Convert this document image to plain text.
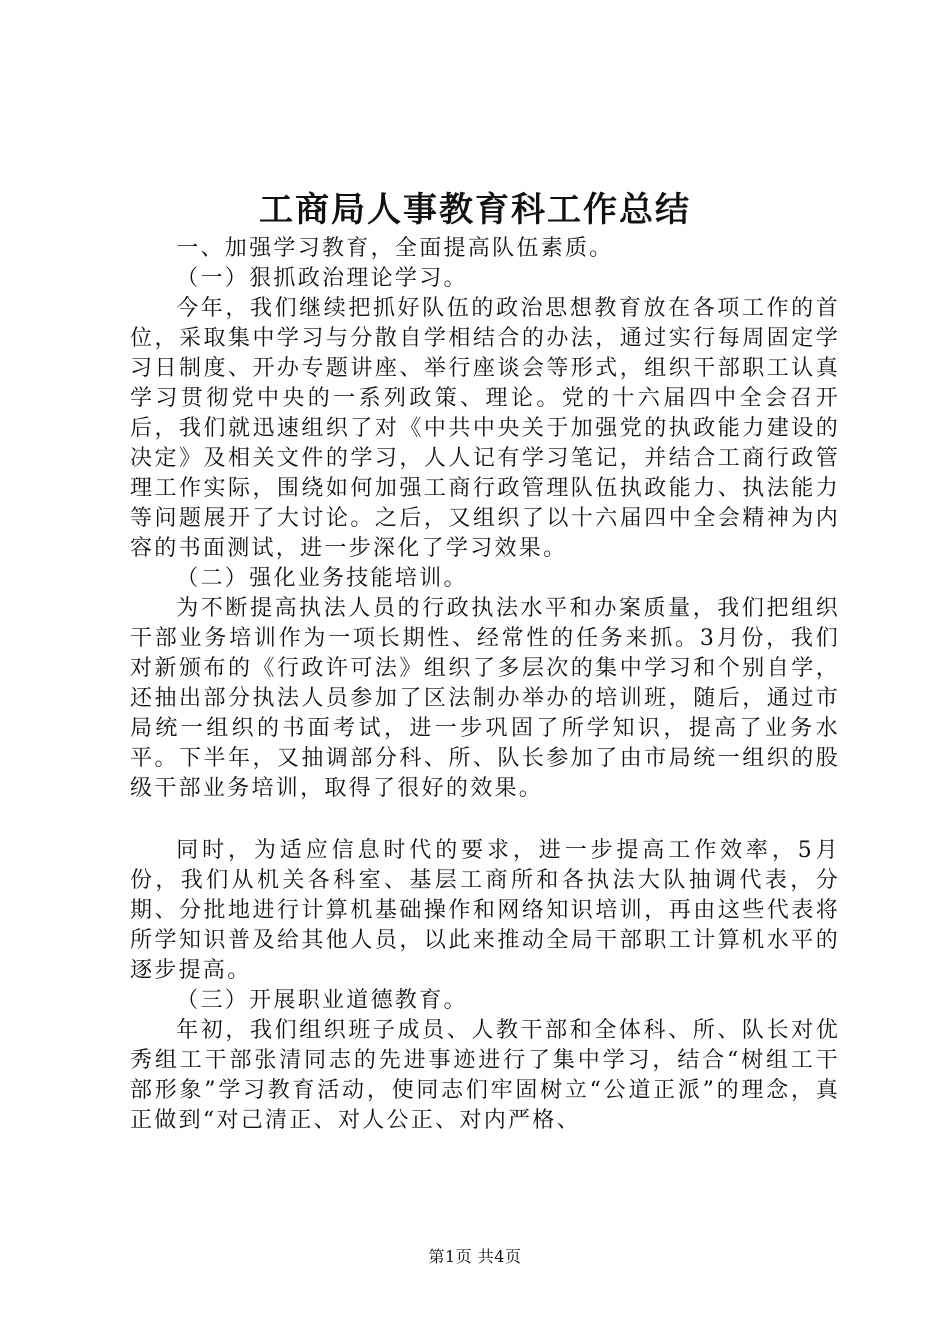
工商局人事教育科工作总结

一、加强学习教育，全面提高队伍素质。

（一）狠抓政治理论学习。

今年，我们继续把抓好队伍的政治思想教育放在各项工作的首位，采取集中学习与分散自学相结合的办法，通过实行每周固定学习日制度、开办专题讲座、举行座谈会等形式，组织干部职工认真学习贯彻党中央的一系列政策、理论。党的十六届四中全会召开后，我们就迅速组织了对《中共中央关于加强党的执政能力建设的决定》及相关文件的学习，人人记有学习笔记，并结合工商行政管理工作实际，围绕如何加强工商行政管理队伍执政能力、执法能力等问题展开了大讨论。之后，又组织了以十六届四中全会精神为内容的书面测试，进一步深化了学习效果。

（二）强化业务技能培训。

为不断提高执法人员的行政执法水平和办案质量，我们把组织干部业务培训作为一项长期性、经常性的任务来抓。3月份，我们对新颁布的《行政许可法》组织了多层次的集中学习和个别自学，还抽出部分执法人员参加了区法制办举办的培训班，随后，通过市局统一组织的书面考试，进一步巩固了所学知识，提高了业务水平。下半年，又抽调部分科、所、队长参加了由市局统一组织的股级干部业务培训，取得了很好的效果。

同时，为适应信息时代的要求，进一步提高工作效率，5月份，我们从机关各科室、基层工商所和各执法大队抽调代表，分期、分批地进行计算机基础操作和网络知识培训，再由这些代表将所学知识普及给其他人员，以此来推动全局干部职工计算机水平的逐步提高。

（三）开展职业道德教育。

年初，我们组织班子成员、人教干部和全体科、所、队长对优秀组工干部张清同志的先进事迹进行了集中学习，结合“树组工干部形象”学习教育活动，使同志们牢固树立“公道正派”的理念，真正做到“对己清正、对人公正、对内严格、

第1页 共4页
